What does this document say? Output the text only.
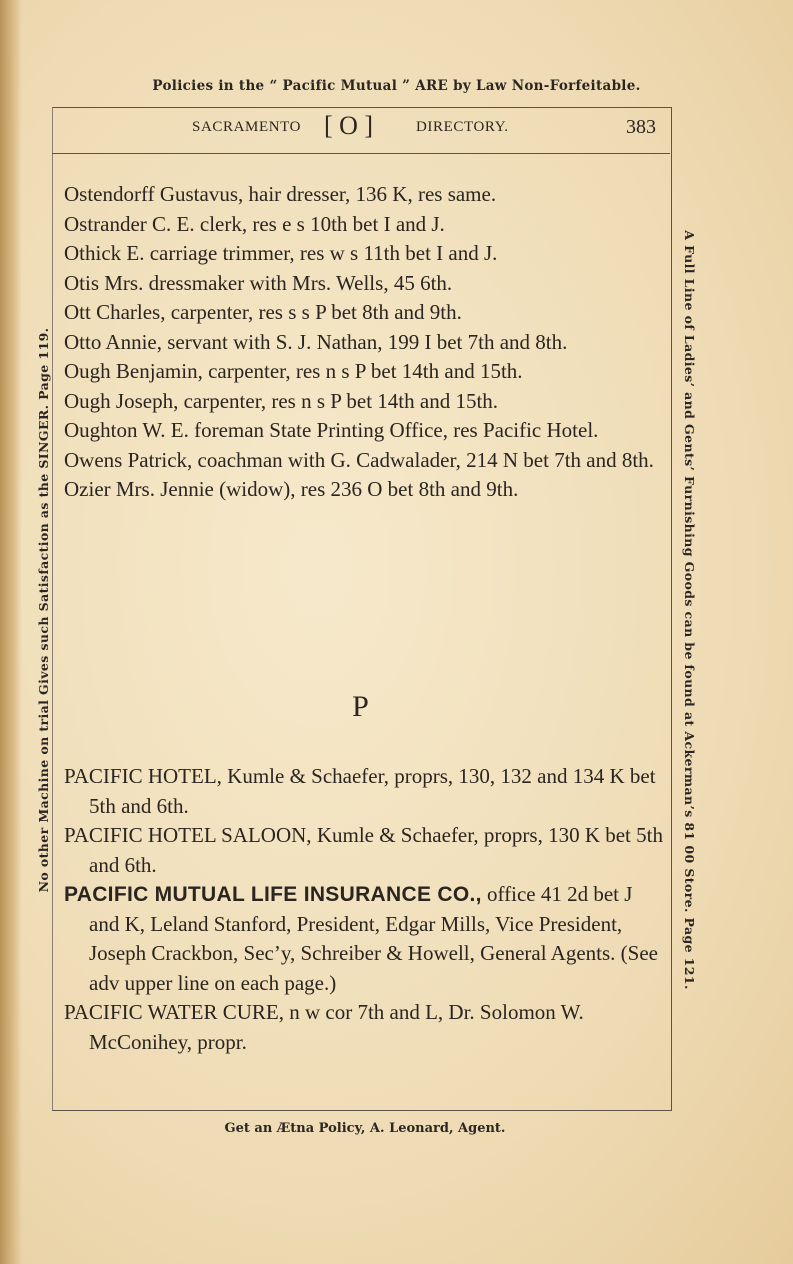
Policies in the “ Pacific Mutual ” ARE by Law Non-Forfeitable.
No other Machine on trial Gives such Satisfaction as the SINGER. Page 119.	A Full Line of Ladies’ and Gents’ Furnishing Goods can be found at Ackerman’s 81 00 Store. Page 121.
SACRAMENTO [ O ]	DIRECTORY.	383

Ostendorff Gustavus, hair dresser, 136 K, res same.

Ostrander C. E. clerk, res e s 10th bet I and J.

Othick E. carriage trimmer, res w s 11th bet I and J.

Otis Mrs. dressmaker with Mrs. Wells, 45 6th.

Ott Charles, carpenter, res s s P bet 8th and 9th.

Otto Annie, servant with S. J. Nathan, 199 I bet 7th and 8th.

Ough Benjamin, carpenter, res n s P bet 14th and 15th.

Ough Joseph, carpenter, res n s P bet 14th and 15th.

Oughton W. E. foreman State Printing Office, res Pacific Hotel.

Owens Patrick, coachman with G. Cadwalader, 214 N bet 7th and 8th.

Ozier Mrs. Jennie (widow), res 236 O bet 8th and 9th.

P

PACIFIC HOTEL, Kumle & Schaefer, proprs, 130, 132 and 134 K bet 5th and 6th.

PACIFIC HOTEL SALOON, Kumle & Schaefer, proprs, 130 K bet 5th and 6th.

PACIFIC MUTUAL LIFE INSURANCE CO., office 41 2d bet J and K, Leland Stanford, President, Edgar Mills, Vice President, Joseph Crackbon, Sec’y, Schreiber & Howell, General Agents. (See adv upper line on each page.)

PACIFIC WATER CURE, n w cor 7th and L, Dr. Solomon W. McConihey, propr.

Get an Ætna Policy, A. Leonard, Agent.
